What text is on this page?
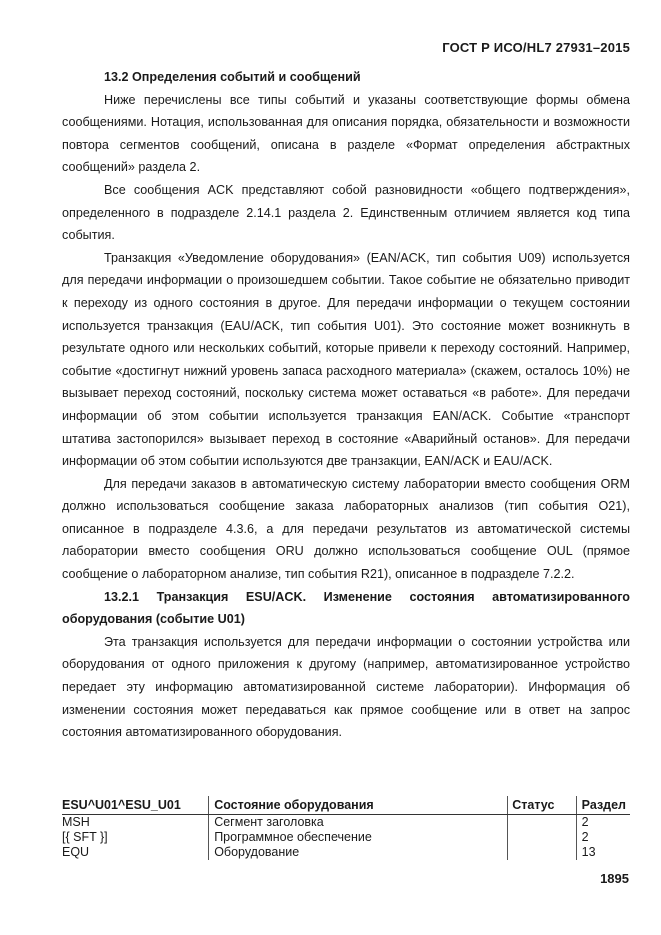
ГОСТ Р ИСО/HL7 27931–2015

13.2 Определения событий и сообщений

Ниже перечислены все типы событий и указаны соответствующие формы обмена сообщениями. Нотация, использованная для описания порядка, обязательности и возможности повтора сегментов сообщений, описана в разделе «Формат определения абстрактных сообщений» раздела 2.

Все сообщения ACK представляют собой разновидности «общего подтверждения», определенного в подразделе 2.14.1 раздела 2. Единственным отличием является код типа события.

Транзакция «Уведомление оборудования» (EAN/ACK, тип события U09) используется для передачи информации о произошедшем событии. Такое событие не обязательно приводит к переходу из одного состояния в другое. Для передачи информации о текущем состоянии используется транзакция (EAU/ACK, тип события U01). Это состояние может возникнуть в результате одного или нескольких событий, которые привели к переходу состояний. Например, событие «достигнут нижний уровень запаса расходного материала» (скажем, осталось 10%) не вызывает переход состояний, поскольку система может оставаться «в работе». Для передачи информации об этом событии используется транзакция EAN/ACK. Событие «транспорт штатива застопорился» вызывает переход в состояние «Аварийный останов». Для передачи информации об этом событии используются две транзакции, EAN/ACK и EAU/ACK.

Для передачи заказов в автоматическую систему лаборатории вместо сообщения ORM должно использоваться сообщение заказа лабораторных анализов (тип события O21), описанное в подразделе 4.3.6, а для передачи результатов из автоматической системы лаборатории вместо сообщения ORU должно использоваться сообщение OUL (прямое сообщение о лабораторном анализе, тип события R21), описанное в подразделе 7.2.2.

13.2.1 Транзакция ESU/ACK. Изменение состояния автоматизированного оборудования (событие U01)

Эта транзакция используется для передачи информации о состоянии устройства или оборудования от одного приложения к другому (например, автоматизированное устройство передает эту информацию автоматизированной системе лаборатории). Информация об изменении состояния может передаваться как прямое сообщение или в ответ на запрос состояния автоматизированного оборудования.

ESU^U01^ESU_U01	Состояние оборудования	Статус	Раздел
MSH	Сегмент заголовка		2
[{ SFT }]	Программное обеспечение		2
EQU	Оборудование		13
1895
